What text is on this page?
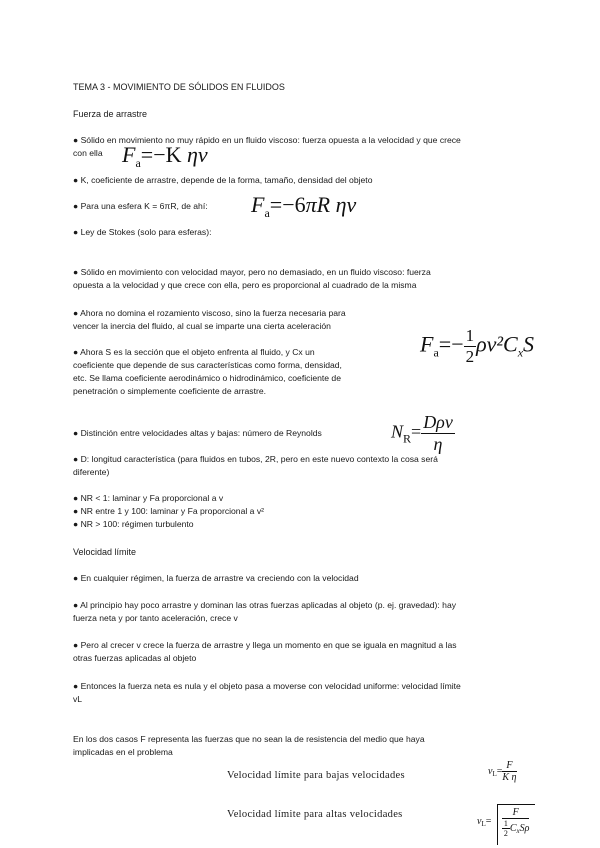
TEMA 3 - MOVIMIENTO DE SÓLIDOS EN FLUIDOS
Fuerza de arrastre
● Sólido en movimiento no muy rápido en un fluido viscoso: fuerza opuesta a la velocidad y que crece
con ella $F_a=-K$ ηv
● K, coeficiente de arrastre, depende de la forma, tamaño, densidad del objeto
● Para una esfera K = 6πR, de ahí: $F_a=-6\pi R$ ηv
● Ley de Stokes (solo para esferas):
● Sólido en movimiento con velocidad mayor, pero no demasiado, en un fluido viscoso: fuerza
opuesta a la velocidad y que crece con ella, pero es proporcional al cuadrado de la misma
● Ahora no domina el rozamiento viscoso, sino la fuerza necesaria para
vencer la inercia del fluido, al cual se imparte una cierta aceleración
$F_a=- \frac{1}{2} \rho v^2C_xS$
● Ahora S es la sección que el objeto enfrenta al fluido, y Cx un
coeficiente que depende de sus características como forma, densidad,
etc. Se llama coeficiente aerodinámico o hidrodinámico, coeficiente de
penetración o simplemente coeficiente de arrastre.
● Distinción entre velocidades altas y bajas: número de Reynolds	$N_R= \frac{\text{Dρv}}{\eta}$
● D: longitud característica (para fluidos en tubos, 2R, pero en este nuevo contexto la cosa será
diferente)
● NR < 1: laminar y Fa proporcional a v
● NR entre 1 y 100: laminar y Fa proporcional a v²
● NR > 100: régimen turbulento
Velocidad límite
● En cualquier régimen, la fuerza de arrastre va creciendo con la velocidad
● Al principio hay poco arrastre y dominan las otras fuerzas aplicadas al objeto (p. ej. gravedad): hay
fuerza neta y por tanto aceleración, crece v
● Pero al crecer v crece la fuerza de arrastre y llega un momento en que se iguala en magnitud a las
otras fuerzas aplicadas al objeto
● Entonces la fuerza neta es nula y el objeto pasa a moverse con velocidad uniforme: velocidad límite
vL
En los dos casos F representa las fuerzas que no sean la de resistencia del medio que haya
implicadas en el problema
Velocidad límite para bajas velocidades	$v_L= \frac{F}{\text{K η}}$
Velocidad límite para altas velocidades
$v_L= \frac{F}{\frac{1}{2} C_xS\rho}$
